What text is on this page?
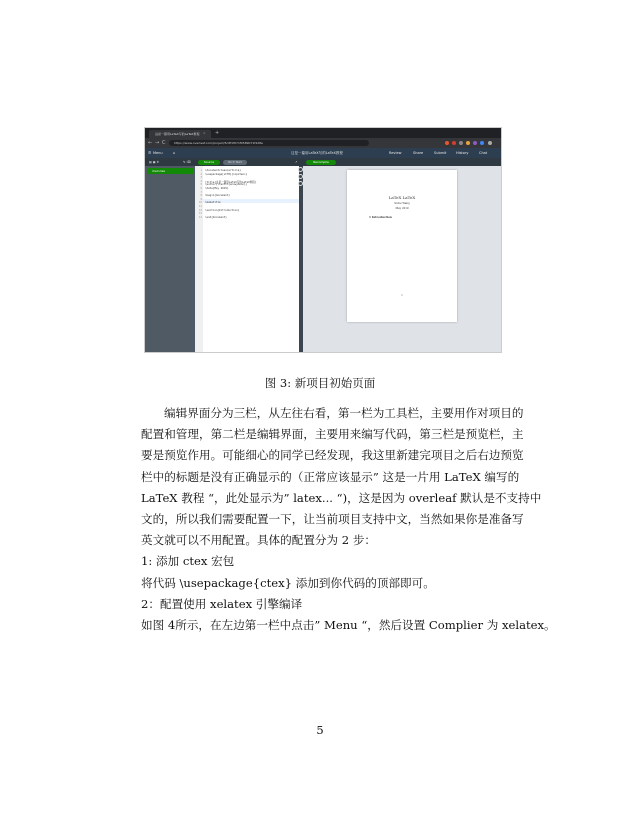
这是一篇用LaTeX写的LaTeX教程	× +
← → C	https://www.overleaf.com/project/5c8f1f071f0589071f2d8e
☰ Menu	⌂	这是一篇用LaTeX写的LaTeX教程	Review	Share	Submit	History	Chat
▤ ▣ ⬆	✎ ⌫	Source	Rich Text	Recompile
↗
main.tex	1
2
3
4
5
6
7
8
9
10
11
12
13
14
\documentclass{article}
\usepackage[utf8]{inputenc}
\title{这是一篇用LaTeX写的LaTeX教程}
\author{\texttt{snowymoon}}
\date{May 2019}
\begin{document}
\maketitle
\section{Introduction}
\end{document}
LaTeX LaTeX
Siche Wang
May 2019
1 Introduction
1
图 3: 新项目初始页面
编辑界面分为三栏，从左往右看，第一栏为工具栏，主要用作对项目的
配置和管理，第二栏是编辑界面，主要用来编写代码，第三栏是预览栏，主
要是预览作用。可能细心的同学已经发现，我这里新建完项目之后右边预览
栏中的标题是没有正确显示的（正常应该显示” 这是一片用 LaTeX 编写的
LaTeX 教程 “，此处显示为” latex... “)，这是因为 overleaf 默认是不支持中
文的，所以我们需要配置一下，让当前项目支持中文，当然如果你是准备写
英文就可以不用配置。具体的配置分为 2 步：
1: 添加 ctex 宏包
将代码 \usepackage{ctex} 添加到你代码的顶部即可。
2：配置使用 xelatex 引擎编译
如图 4所示，在左边第一栏中点击” Menu “，然后设置 Complier 为 xelatex。
5
